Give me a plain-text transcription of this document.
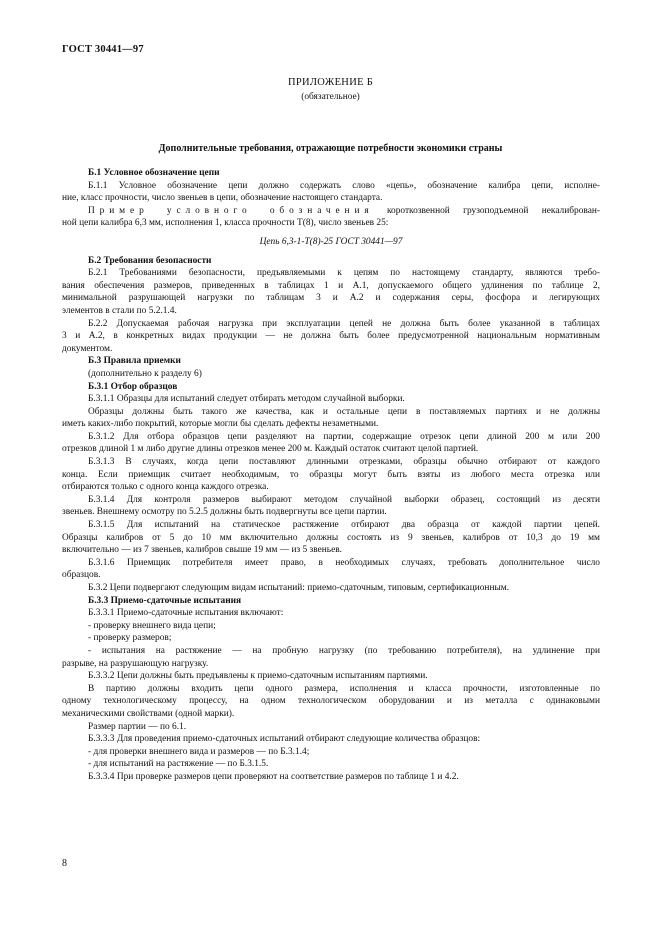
ГОСТ 30441—97
ПРИЛОЖЕНИЕ Б
(обязательное)
Дополнительные требования, отражающие потребности экономики страны
Б.1 Условное обозначение цепи
Б.1.1 Условное обозначение цепи должно содержать слово «цепь», обозначение калибра цепи, исполне-
ние, класс прочности, число звеньев в цепи, обозначение настоящего стандарта.
Пример условного обозначения короткозвенной грузоподъемной некалиброван-
ной цепи калибра 6,3 мм, исполнения 1, класса прочности Т(8), число звеньев 25:
Цепь 6,3-1-Т(8)-25 ГОСТ 30441—97
Б.2 Требования безопасности
Б.2.1 Требованиями безопасности, предъявляемыми к цепям по настоящему стандарту, являются требо-
вания обеспечения размеров, приведенных в таблицах 1 и А.1, допускаемого общего удлинения по таблице 2,
минимальной разрушающей нагрузки по таблицам 3 и А.2 и содержания серы, фосфора и легирующих
элементов в стали по 5.2.1.4.
Б.2.2 Допускаемая рабочая нагрузка при эксплуатации цепей не должна быть более указанной в таблицах
3 и А.2, в конкретных видах продукции — не должна быть более предусмотренной национальным нормативным
документом.
Б.3 Правила приемки
(дополнительно к разделу 6)
Б.3.1 Отбор образцов
Б.3.1.1 Образцы для испытаний следует отбирать методом случайной выборки.
Образцы должны быть такого же качества, как и остальные цепи в поставляемых партиях и не должны
иметь каких-либо покрытий, которые могли бы сделать дефекты незаметными.
Б.3.1.2 Для отбора образцов цепи разделяют на партии, содержащие отрезок цепи длиной 200 м или 200
отрезков длиной 1 м либо другие длины отрезков менее 200 м. Каждый остаток считают целой партией.
Б.3.1.3 В случаях, когда цепи поставляют длинными отрезками, образцы обычно отбирают от каждого
конца. Если приемщик считает необходимым, то образцы могут быть взяты из любого места отрезка или
отбираются только с одного конца каждого отрезка.
Б.3.1.4 Для контроля размеров выбирают методом случайной выборки образец, состоящий из десяти
звеньев. Внешнему осмотру по 5.2.5 должны быть подвергнуты все цепи партии.
Б.3.1.5 Для испытаний на статическое растяжение отбирают два образца от каждой партии цепей.
Образцы калибров от 5 до 10 мм включительно должны состоять из 9 звеньев, калибров от 10,3 до 19 мм
включительно — из 7 звеньев, калибров свыше 19 мм — из 5 звеньев.
Б.3.1.6 Приемщик потребителя имеет право, в необходимых случаях, требовать дополнительное число
образцов.
Б.3.2 Цепи подвергают следующим видам испытаний: приемо-сдаточным, типовым, сертификационным.
Б.3.3 Приемо-сдаточные испытания
Б.3.3.1 Приемо-сдаточные испытания включают:
- проверку внешнего вида цепи;
- проверку размеров;
- испытания на растяжение — на пробную нагрузку (по требованию потребителя), на удлинение при
разрыве, на разрушающую нагрузку.
Б.3.3.2 Цепи должны быть предъявлены к приемо-сдаточным испытаниям партиями.
В партию должны входить цепи одного размера, исполнения и класса прочности, изготовленные по
одному технологическому процессу, на одном технологическом оборудовании и из металла с одинаковыми
механическими свойствами (одной марки).
Размер партии — по 6.1.
Б.3.3.3 Для проведения приемо-сдаточных испытаний отбирают следующие количества образцов:
- для проверки внешнего вида и размеров — по Б.3.1.4;
- для испытаний на растяжение — по Б.3.1.5.
Б.3.3.4 При проверке размеров цепи проверяют на соответствие размеров по таблице 1 и 4.2.
8
